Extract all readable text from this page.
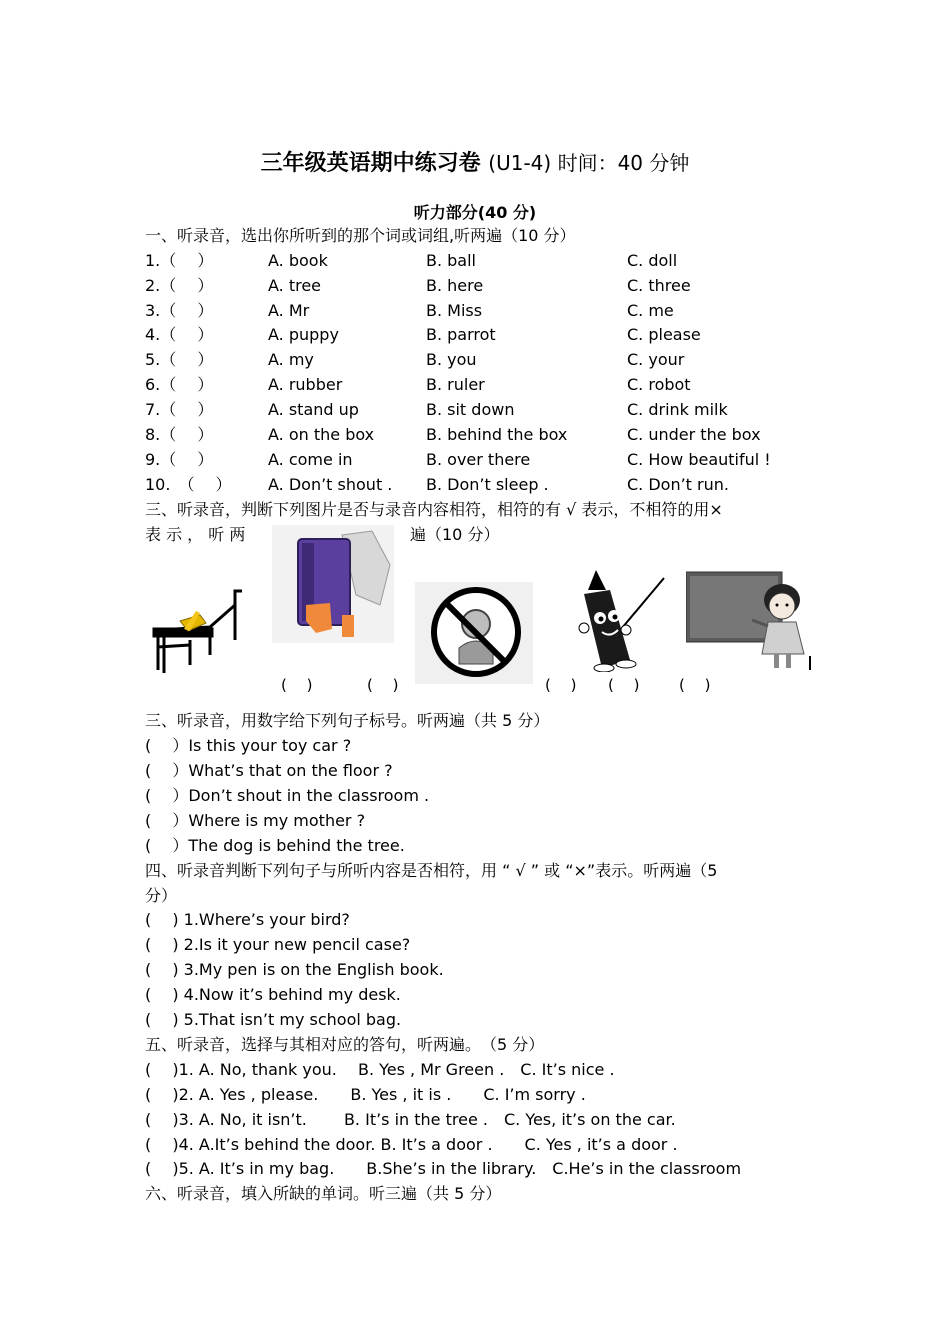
三年级英语期中练习卷 (U1-4) 时间：40 分钟
听力部分(40 分)
一、听录音，选出你所听到的那个词或词组,听两遍（10 分）
1.（　 ）	A. book	B. ball	C. doll
2.（　 ）	A. tree	B. here	C. three
3.（　 ）	A. Mr	B. Miss	C. me
4.（　 ）	A. puppy	B. parrot	C. please
5.（　 ）	A. my	B. you	C. your
6.（　 ）	A. rubber	B. ruler	C. robot
7.（　 ）	A. stand up	B. sit down	C. drink milk
8.（　 ）	A. on the box	B. behind the box	C. under the box
9.（　 ）	A. come in	B. over there	C. How beautiful !
10.　（　 ） A. Don’t shout . B. Don’t sleep .	C. Don’t run.
三、听录音，判断下列图片是否与录音内容相符，相符的有 √ 表示，不相符的用×
表 示 ， 听 两	遍（10 分）
(　 )	(　 )	(　 ) (　 )	(　 )
三、听录音，用数字给下列句子标号。听两遍（共 5 分）
(　 ）Is this your toy car ?
(　 ）What’s that on the floor ?
(　 ）Don’t shout in the classroom .
(　 ）Where is my mother ?
(　 ）The dog is behind the tree.
四、听录音判断下列句子与所听内容是否相符，用 “ √ ” 或 “×”表示。听两遍（5
分）
(　 ) 1.Where’s your bird?
(　 ) 2.Is it your new pencil case?
(　 ) 3.My pen is on the English book.
(　 ) 4.Now it’s behind my desk.
(　 ) 5.That isn’t my school bag.
五、听录音，选择与其相对应的答句，听两遍。　（5 分）
(　 )1. A. No, thank you.　 B. Yes , Mr Green .　C. It’s nice .
(　 )2. A. Yes , please.　　B. Yes , it is .　　C. I’m sorry .
(　 )3. A. No, it isn’t.　　 B. It’s in the tree .　C. Yes, it’s on the car.
(　 )4. A.It’s behind the door. B. It’s a door .　　C. Yes , it’s a door .
(　 )5. A. It’s in my bag.　　B.She’s in the library.　C.He’s in the classroom
六、听录音，填入所缺的单词。听三遍（共 5 分）
